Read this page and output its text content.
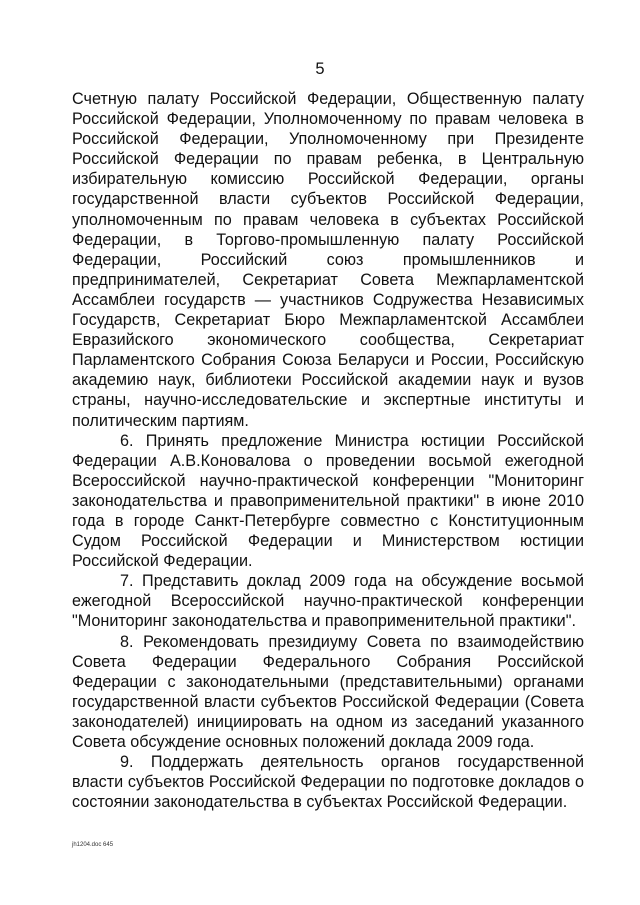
5

Счетную палату Российской Федерации, Общественную палату Российской Федерации, Уполномоченному по правам человека в Российской Федерации, Уполномоченному при Президенте Российской Федерации по правам ребенка, в Центральную избирательную комиссию Российской Федерации, органы государственной власти субъектов Российской Федерации, уполномоченным по правам человека в субъектах Российской Федерации, в Торгово-промышленную палату Российской Федерации, Российский союз промышленников и предпринимателей, Секретариат Совета Межпарламентской Ассамблеи государств — участников Содружества Независимых Государств, Секретариат Бюро Межпарламентской Ассамблеи Евразийского экономического сообщества, Секретариат Парламентского Собрания Союза Беларуси и России, Российскую академию наук, библиотеки Российской академии наук и вузов страны, научно-исследовательские и экспертные институты и политическим партиям.

6. Принять предложение Министра юстиции Российской Федерации А.В.Коновалова о проведении восьмой ежегодной Всероссийской научно-практической конференции "Мониторинг законодательства и правоприменительной практики" в июне 2010 года в городе Санкт-Петербурге совместно с Конституционным Судом Российской Федерации и Министерством юстиции Российской Федерации.

7. Представить доклад 2009 года на обсуждение восьмой ежегодной Всероссийской научно-практической конференции "Мониторинг законодательства и правоприменительной практики".

8. Рекомендовать президиуму Совета по взаимодействию Совета Федерации Федерального Собрания Российской Федерации с законодательными (представительными) органами государственной власти субъектов Российской Федерации (Совета законодателей) инициировать на одном из заседаний указанного Совета обсуждение основных положений доклада 2009 года.

9. Поддержать деятельность органов государственной власти субъектов Российской Федерации по подготовке докладов о состоянии законодательства в субъектах Российской Федерации.

jh1204.doc 645
